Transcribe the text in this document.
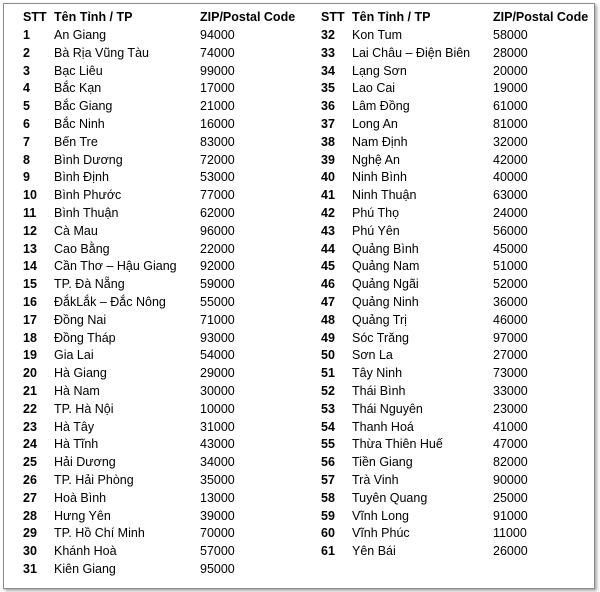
STT Tên Tỉnh / TP	ZIP/Postal Code
1 An Giang	94000
2 Bà Rịa Vũng Tàu	74000
3 Bạc Liêu	99000
4 Bắc Kạn	17000
5 Bắc Giang	21000
6 Bắc Ninh	16000
7 Bến Tre	83000
8 Bình Dương	72000
9 Bình Định	53000
10 Bình Phước	77000
11 Bình Thuận	62000
12 Cà Mau	96000
13 Cao Bằng	22000
14 Cần Thơ – Hậu Giang 92000
15 TP. Đà Nẵng	59000
16 ĐắkLắk – Đắc Nông	55000
17 Đồng Nai	71000
18 Đồng Tháp	93000
19 Gia Lai	54000
20 Hà Giang	29000
21 Hà Nam	30000
22 TP. Hà Nội	10000
23 Hà Tây	31000
24 Hà Tĩnh	43000
25 Hải Dương	34000
26 TP. Hải Phòng	35000
27 Hoà Bình	13000
28 Hưng Yên	39000
29 TP. Hồ Chí Minh	70000
30 Khánh Hoà	57000
31 Kiên Giang	95000
STT Tên Tỉnh / TP	ZIP/Postal Code
32 Kon Tum	58000
33 Lai Châu – Điện Biên 28000
34 Lạng Sơn	20000
35 Lao Cai	19000
36 Lâm Đồng	61000
37 Long An	81000
38 Nam Định	32000
39 Nghệ An	42000
40 Ninh Bình	40000
41 Ninh Thuận	63000
42 Phú Thọ	24000
43 Phú Yên	56000
44 Quảng Bình	45000
45 Quảng Nam	51000
46 Quảng Ngãi	52000
47 Quảng Ninh	36000
48 Quảng Trị	46000
49 Sóc Trăng	97000
50 Sơn La	27000
51 Tây Ninh	73000
52 Thái Bình	33000
53 Thái Nguyên	23000
54 Thanh Hoá	41000
55 Thừa Thiên Huế	47000
56 Tiền Giang	82000
57 Trà Vinh	90000
58 Tuyên Quang	25000
59 Vĩnh Long	91000
60 Vĩnh Phúc	11000
61 Yên Bái	26000
